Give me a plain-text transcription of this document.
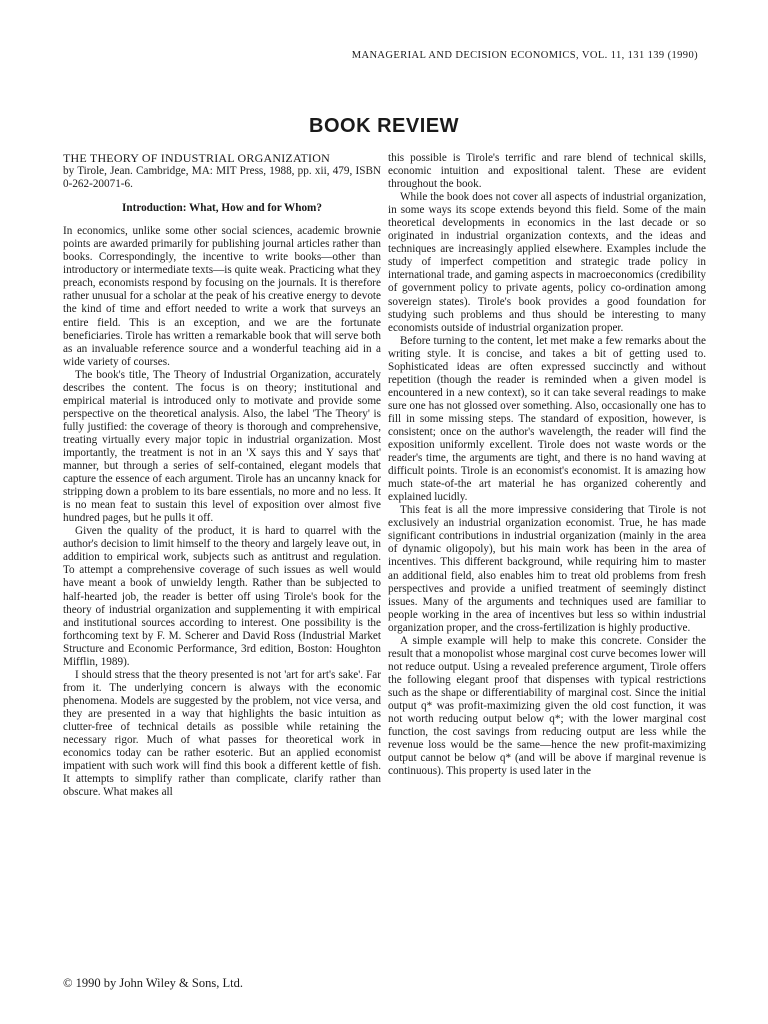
MANAGERIAL AND DECISION ECONOMICS, VOL. 11, 131 139 (1990)
BOOK REVIEW

THE THEORY OF INDUSTRIAL ORGANIZATION

by Tirole, Jean. Cambridge, MA: MIT Press, 1988, pp. xii, 479, ISBN 0-262-20071-6.

Introduction: What, How and for Whom?

In economics, unlike some other social sciences, academic brownie points are awarded primarily for publishing journal articles rather than books. Correspondingly, the incentive to write books—other than introductory or intermediate texts—is quite weak. Practicing what they preach, economists respond by focusing on the journals. It is therefore rather unusual for a scholar at the peak of his creative energy to devote the kind of time and effort needed to write a work that surveys an entire field. This is an exception, and we are the fortunate beneficiaries. Tirole has written a remarkable book that will serve both as an invaluable reference source and a wonderful teaching aid in a wide variety of courses.

The book's title, The Theory of Industrial Organization, accurately describes the content. The focus is on theory; institutional and empirical material is introduced only to motivate and provide some perspective on the theoretical analysis. Also, the label 'The Theory' is fully justified: the coverage of theory is thorough and comprehensive, treating virtually every major topic in industrial organization. Most importantly, the treatment is not in an 'X says this and Y says that' manner, but through a series of self-contained, elegant models that capture the essence of each argument. Tirole has an uncanny knack for stripping down a problem to its bare essentials, no more and no less. It is no mean feat to sustain this level of exposition over almost five hundred pages, but he pulls it off.

Given the quality of the product, it is hard to quarrel with the author's decision to limit himself to the theory and largely leave out, in addition to empirical work, subjects such as antitrust and regulation. To attempt a comprehensive coverage of such issues as well would have meant a book of unwieldy length. Rather than be subjected to half-hearted job, the reader is better off using Tirole's book for the theory of industrial organization and supplementing it with empirical and institutional sources according to interest. One possibility is the forthcoming text by F. M. Scherer and David Ross (Industrial Market Structure and Economic Performance, 3rd edition, Boston: Houghton Mifflin, 1989).

I should stress that the theory presented is not 'art for art's sake'. Far from it. The underlying concern is always with the economic phenomena. Models are suggested by the problem, not vice versa, and they are presented in a way that highlights the basic intuition as clutter-free of technical details as possible while retaining the necessary rigor. Much of what passes for theoretical work in economics today can be rather esoteric. But an applied economist impatient with such work will find this book a different kettle of fish. It attempts to simplify rather than complicate, clarify rather than obscure. What makes all

this possible is Tirole's terrific and rare blend of technical skills, economic intuition and expositional talent. These are evident throughout the book.

While the book does not cover all aspects of industrial organization, in some ways its scope extends beyond this field. Some of the main theoretical developments in economics in the last decade or so originated in industrial organization contexts, and the ideas and techniques are increasingly applied elsewhere. Examples include the study of imperfect competition and strategic trade policy in international trade, and gaming aspects in macroeconomics (credibility of government policy to private agents, policy co-ordination among sovereign states). Tirole's book provides a good foundation for studying such problems and thus should be interesting to many economists outside of industrial organization proper.

Before turning to the content, let met make a few remarks about the writing style. It is concise, and takes a bit of getting used to. Sophisticated ideas are often expressed succinctly and without repetition (though the reader is reminded when a given model is encountered in a new context), so it can take several readings to make sure one has not glossed over something. Also, occasionally one has to fill in some missing steps. The standard of exposition, however, is consistent; once on the author's wavelength, the reader will find the exposition uniformly excellent. Tirole does not waste words or the reader's time, the arguments are tight, and there is no hand waving at difficult points. Tirole is an economist's economist. It is amazing how much state-of-the art material he has organized coherently and explained lucidly.

This feat is all the more impressive considering that Tirole is not exclusively an industrial organization economist. True, he has made significant contributions in industrial organization (mainly in the area of dynamic oligopoly), but his main work has been in the area of incentives. This different background, while requiring him to master an additional field, also enables him to treat old problems from fresh perspectives and provide a unified treatment of seemingly distinct issues. Many of the arguments and techniques used are familiar to people working in the area of incentives but less so within industrial organization proper, and the cross-fertilization is highly productive.

A simple example will help to make this concrete. Consider the result that a monopolist whose marginal cost curve becomes lower will not reduce output. Using a revealed preference argument, Tirole offers the following elegant proof that dispenses with typical restrictions such as the shape or differentiability of marginal cost. Since the initial output q* was profit-maximizing given the old cost function, it was not worth reducing output below q*; with the lower marginal cost function, the cost savings from reducing output are less while the revenue loss would be the same—hence the new profit-maximizing output cannot be below q* (and will be above if marginal revenue is continuous). This property is used later in the

© 1990 by John Wiley & Sons, Ltd.
